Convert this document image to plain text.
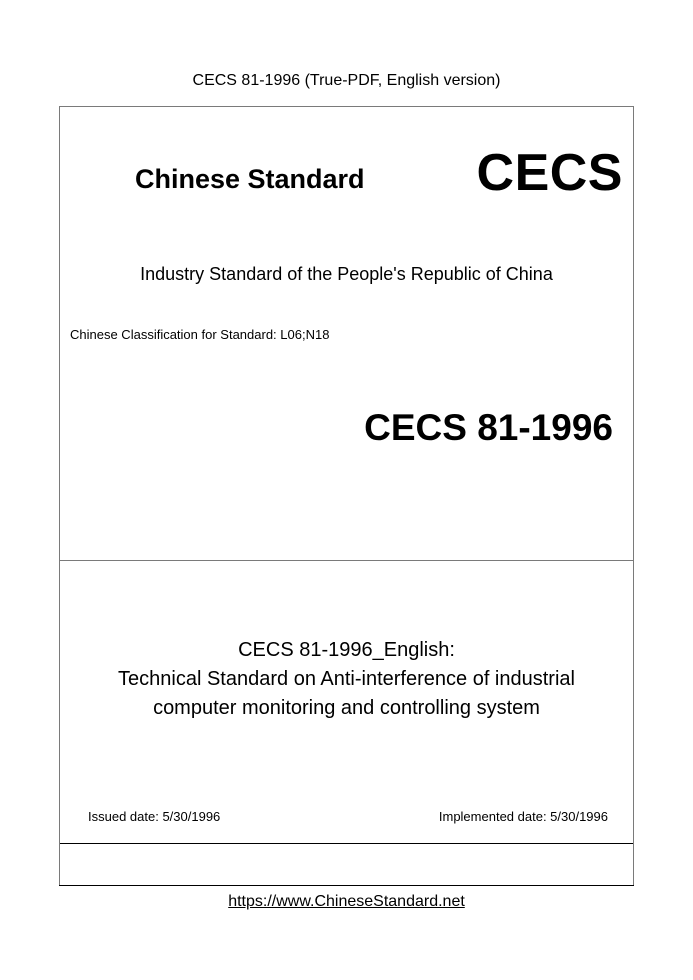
CECS 81-1996 (True-PDF, English version)
Chinese Standard CECS
Industry Standard of the People's Republic of China
Chinese Classification for Standard: L06;N18
CECS 81-1996
CECS 81-1996_English:
Technical Standard on Anti-interference of industrial
computer monitoring and controlling system
Issued date: 5/30/1996	Implemented date: 5/30/1996
https://www.ChineseStandard.net
